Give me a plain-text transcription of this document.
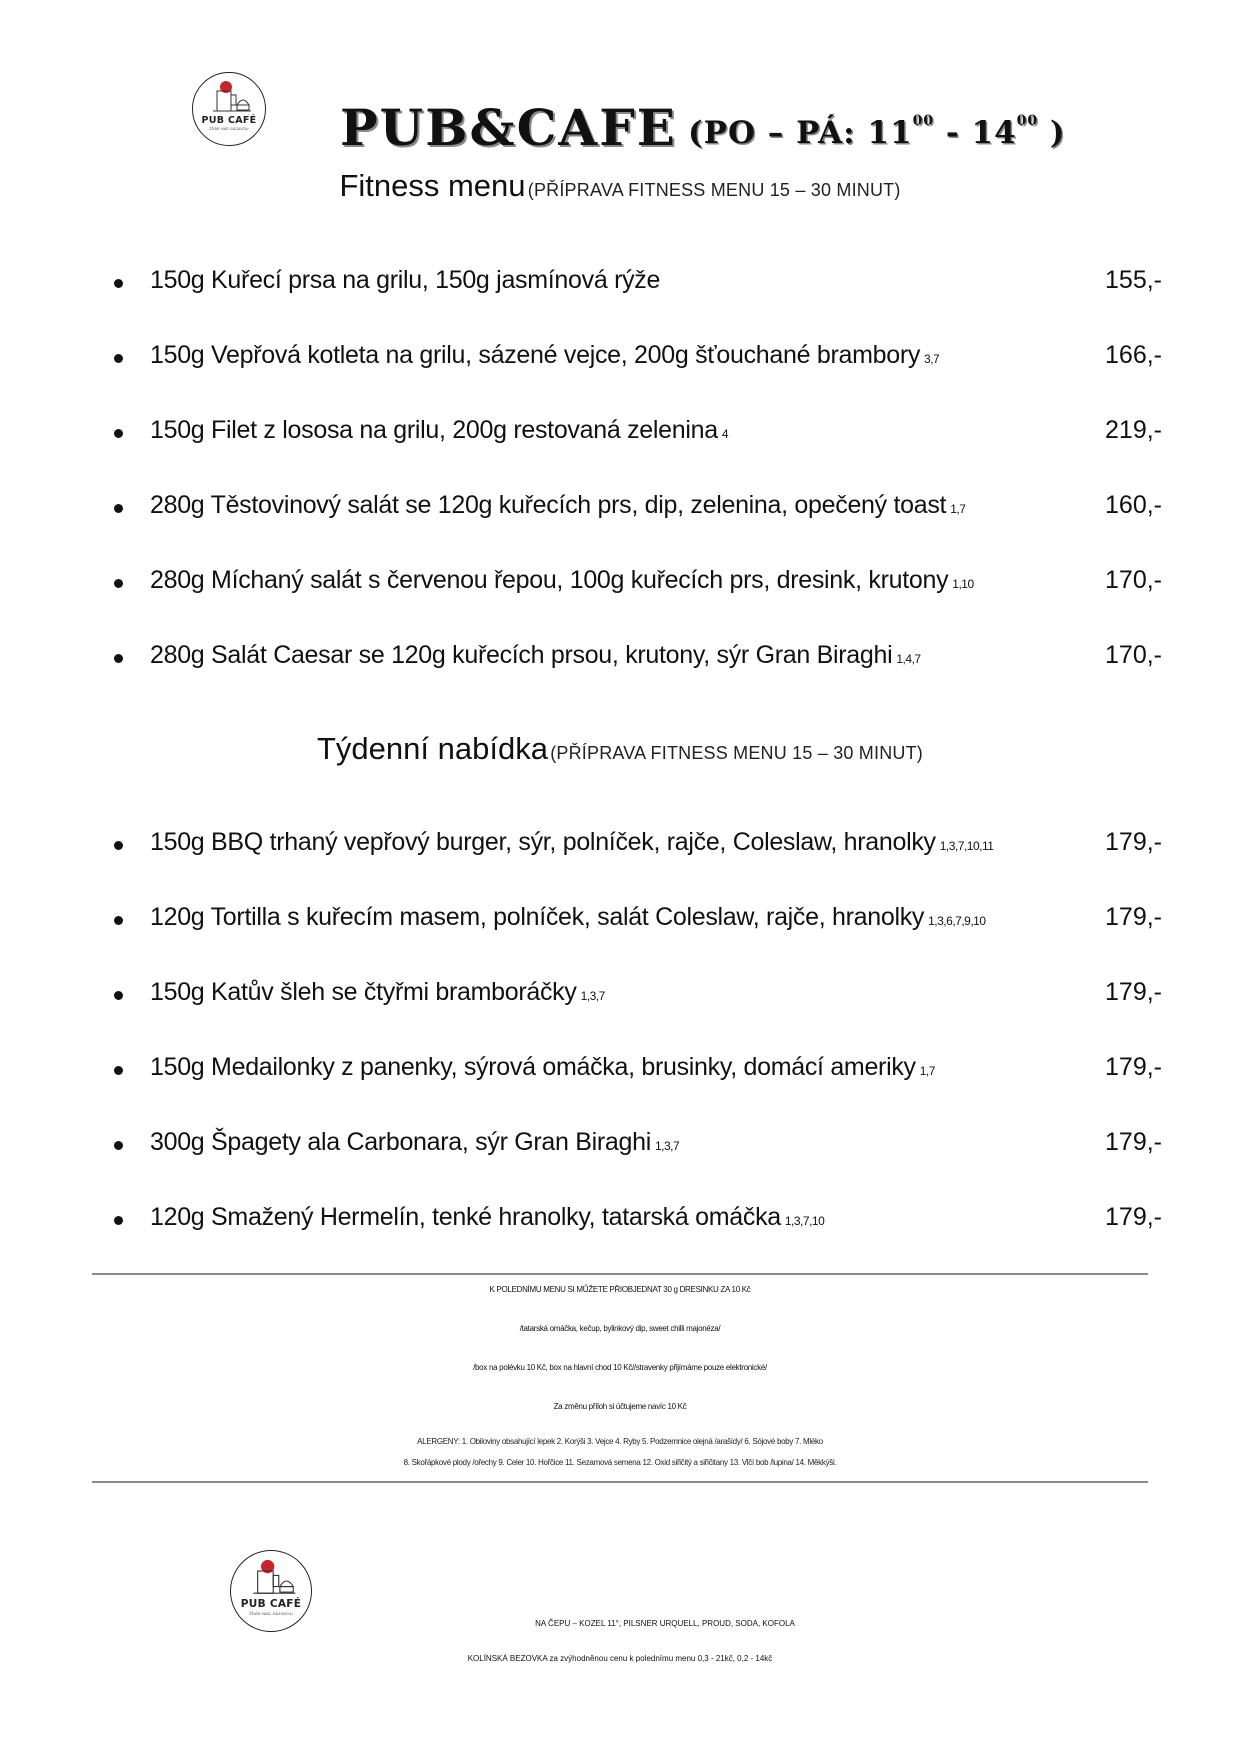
PUB CAFÉ
ŽĎÁR NAD SÁZAVOU	PUB&CAFE (PO – PÁ: $11^{00} - 14^{00}$ )
Fitness menu (PŘÍPRAVA FITNESS MENU 15 – 30 MINUT)
150g Kuřecí prsa na grilu, 150g jasmínová rýže	155,-
150g Vepřová kotleta na grilu, sázené vejce, 200g šťouchané brambory 3,7	166,-
150g Filet z lososa na grilu, 200g restovaná zelenina 4	219,-
280g Těstovinový salát se 120g kuřecích prs, dip, zelenina, opečený toast 1,7	160,-
280g Míchaný salát s červenou řepou, 100g kuřecích prs, dresink, krutony 1,10	170,-
280g Salát Caesar se 120g kuřecích prsou, krutony, sýr Gran Biraghi 1,4,7	170,-
Týdenní nabídka (PŘÍPRAVA FITNESS MENU 15 – 30 MINUT)
150g BBQ trhaný vepřový burger, sýr, polníček, rajče, Coleslaw, hranolky 1,3,7,10,11	179,-
120g Tortilla s kuřecím masem, polníček, salát Coleslaw, rajče, hranolky 1,3,6,7,9,10	179,-
150g Katův šleh se čtyřmi bramboráčky 1,3,7	179,-
150g Medailonky z panenky, sýrová omáčka, brusinky, domácí ameriky 1,7	179,-
300g Špagety ala Carbonara, sýr Gran Biraghi 1,3,7	179,-
120g Smažený Hermelín, tenké hranolky, tatarská omáčka 1,3,7,10	179,-
K POLEDNÍMU MENU SI MŮŽETE PŘIOBJEDNAT 30 g DRESINKU ZA 10 Kč
/tatarská omáčka, kečup, bylinkový dip, sweet chilli majonéza/
/box na polévku 10 Kč, box na hlavní chod 10 Kč//stravenky přijímáme pouze elektronické/
Za změnu příloh si účtujeme navíc 10 Kč
ALERGENY: 1. Obiloviny obsahující lepek 2. Korýši 3. Vejce 4. Ryby 5. Podzemnice olejná /arašídy/ 6. Sójové boby 7. Mléko
8. Skořápkové plody /ořechy 9. Celer 10. Hořčice 11. Sezamová semena 12. Oxid siřičitý a siřičitany 13. Vlčí bob /lupina/ 14. Měkkýši.
PUB CAFÉ
ŽĎÁR NAD SÁZAVOU
NA ČEPU – KOZEL 11°, PILSNER URQUELL, PROUD, SODA, KOFOLA
KOLÍNSKÁ BEZOVKA za zvýhodněnou cenu k polednímu menu 0,3 - 21kč, 0,2 - 14kč
